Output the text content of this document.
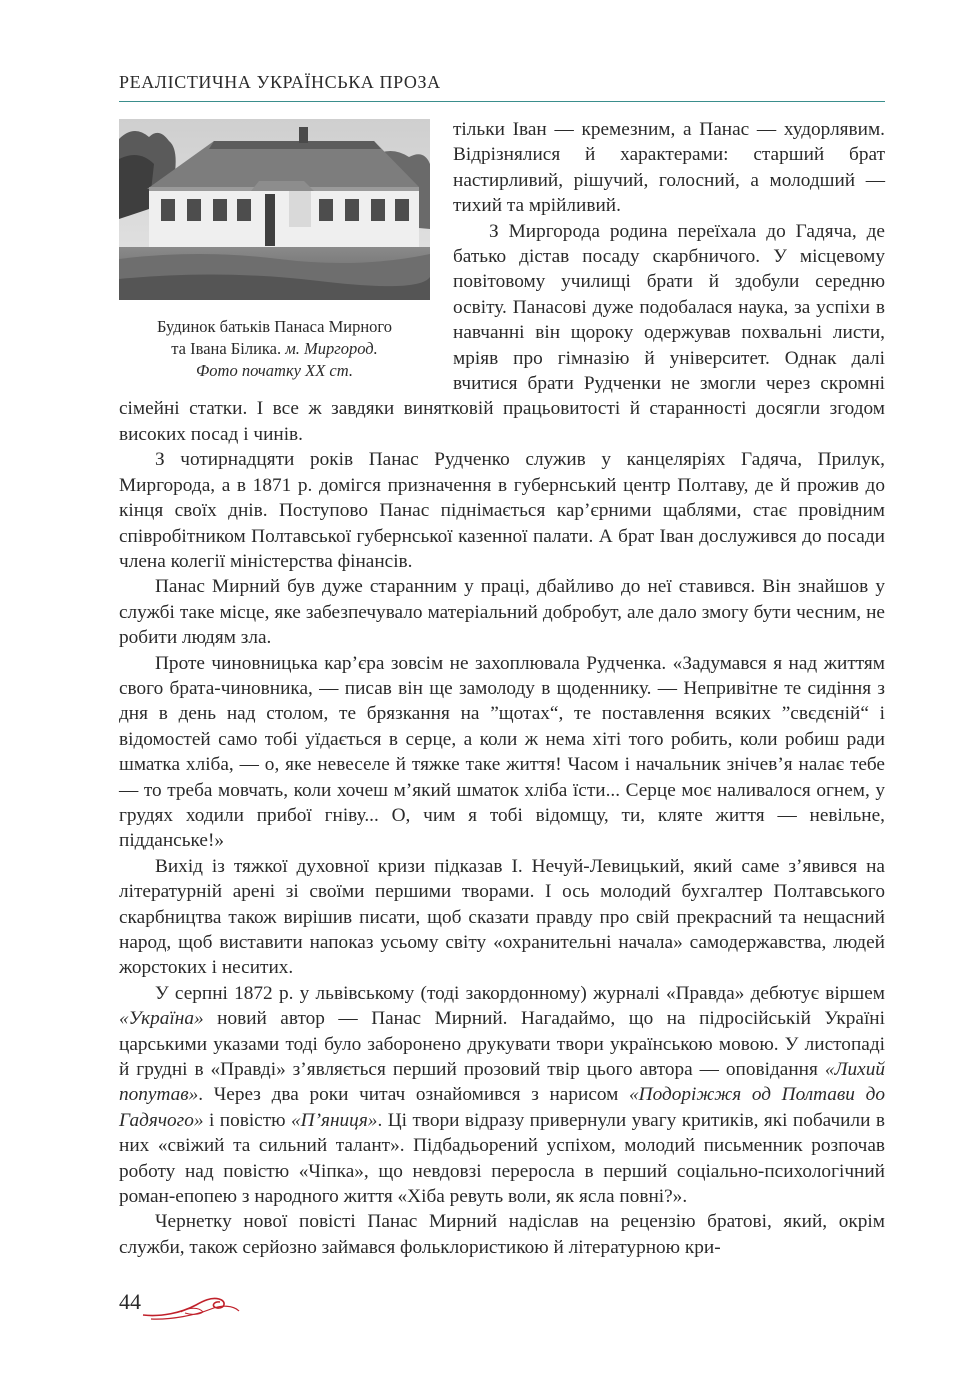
РЕАЛІСТИЧНА УКРАЇНСЬКА ПРОЗА
Будинок батьків Панаса Мирного
та Івана Білика. м. Миргород.
Фото початку ХХ ст.

тільки Іван — кремезним, а Панас — худорлявим. Відрізнялися й характерами: старший брат настирливий, рішучий, голосний, а молодший — тихий та мрійливий.

З Миргорода родина переїхала до Гадяча, де батько дістав посаду скарбничого. У місцевому повітовому училищі брати й здобули середню освіту. Панасові дуже подобалася наука, за успіхи в навчанні він щороку одержував похвальні листи, мріяв про гімназію й університет. Однак далі вчитися брати Рудченки не змогли через скромні сімейні статки. І все ж завдяки винятковій працьовитості й старанності досягли згодом високих посад і чинів.

З чотирнадцяти років Панас Рудченко служив у канцеляріях Гадяча, Прилук, Миргорода, а в 1871 р. домігся призначення в губернський центр Полтаву, де й прожив до кінця своїх днів. Поступово Панас піднімається кар’єрними щаблями, стає провідним співробітником Полтавської губернської казенної палати. А брат Іван дослужився до посади члена колегії міністерства фінансів.

Панас Мирний був дуже старанним у праці, дбайливо до неї ставився. Він знайшов у службі таке місце, яке забезпечувало матеріальний добробут, але дало змогу бути чесним, не робити людям зла.

Проте чиновницька кар’єра зовсім не захоплювала Рудченка. «Задумався я над життям свого брата-чиновника, — писав він ще замолоду в щоденнику. — Непривітне те сидіння з дня в день над столом, те брязкання на ”щотах“, те поставлення всяких ”свєдєній“ і відомостей само тобі уїдається в серце, а коли ж нема хіті того робить, коли робиш ради шматка хліба, — о, яке невеселе й тяжке таке життя! Часом і начальник знічев’я налає тебе — то треба мовчать, коли хочеш м’який шматок хліба їсти... Серце моє наливалося огнем, у грудях ходили прибої гніву... О, чим я тобі відомщу, ти, кляте життя — невільне, підданське!»

Вихід із тяжкої духовної кризи підказав І. Нечуй-Левицький, який саме з’явився на літературній арені зі своїми першими творами. І ось молодий бухгалтер Полтавського скарбництва також вирішив писати, щоб сказати правду про свій прекрасний та нещасний народ, щоб виставити напоказ усьому світу «охранительні начала» самодержавства, людей жорстоких і неситих.

У серпні 1872 р. у львівському (тоді закордонному) журналі «Правда» дебютує віршем «Україна» новий автор — Панас Мирний. Нагадаймо, що на підросійській Україні царськими указами тоді було заборонено друкувати твори українською мовою. У листопаді й грудні в «Правді» з’являється перший прозовий твір цього автора — оповідання «Лихий попутав». Через два роки читач ознайомився з нарисом «Подоріжжя од Полтави до Гадячого» і повістю «П’яниця». Ці твори відразу привернули увагу критиків, які побачили в них «свіжий та сильний талант». Підбадьорений успіхом, молодий письменник розпочав роботу над повістю «Чіпка», що невдовзі переросла в перший соціально-психологічний роман-епопею з народного життя «Хіба ревуть воли, як ясла повні?».

Чернетку нової повісті Панас Мирний надіслав на рецензію братові, який, окрім служби, також серйозно займався фольклористикою й літературною кри-

44
